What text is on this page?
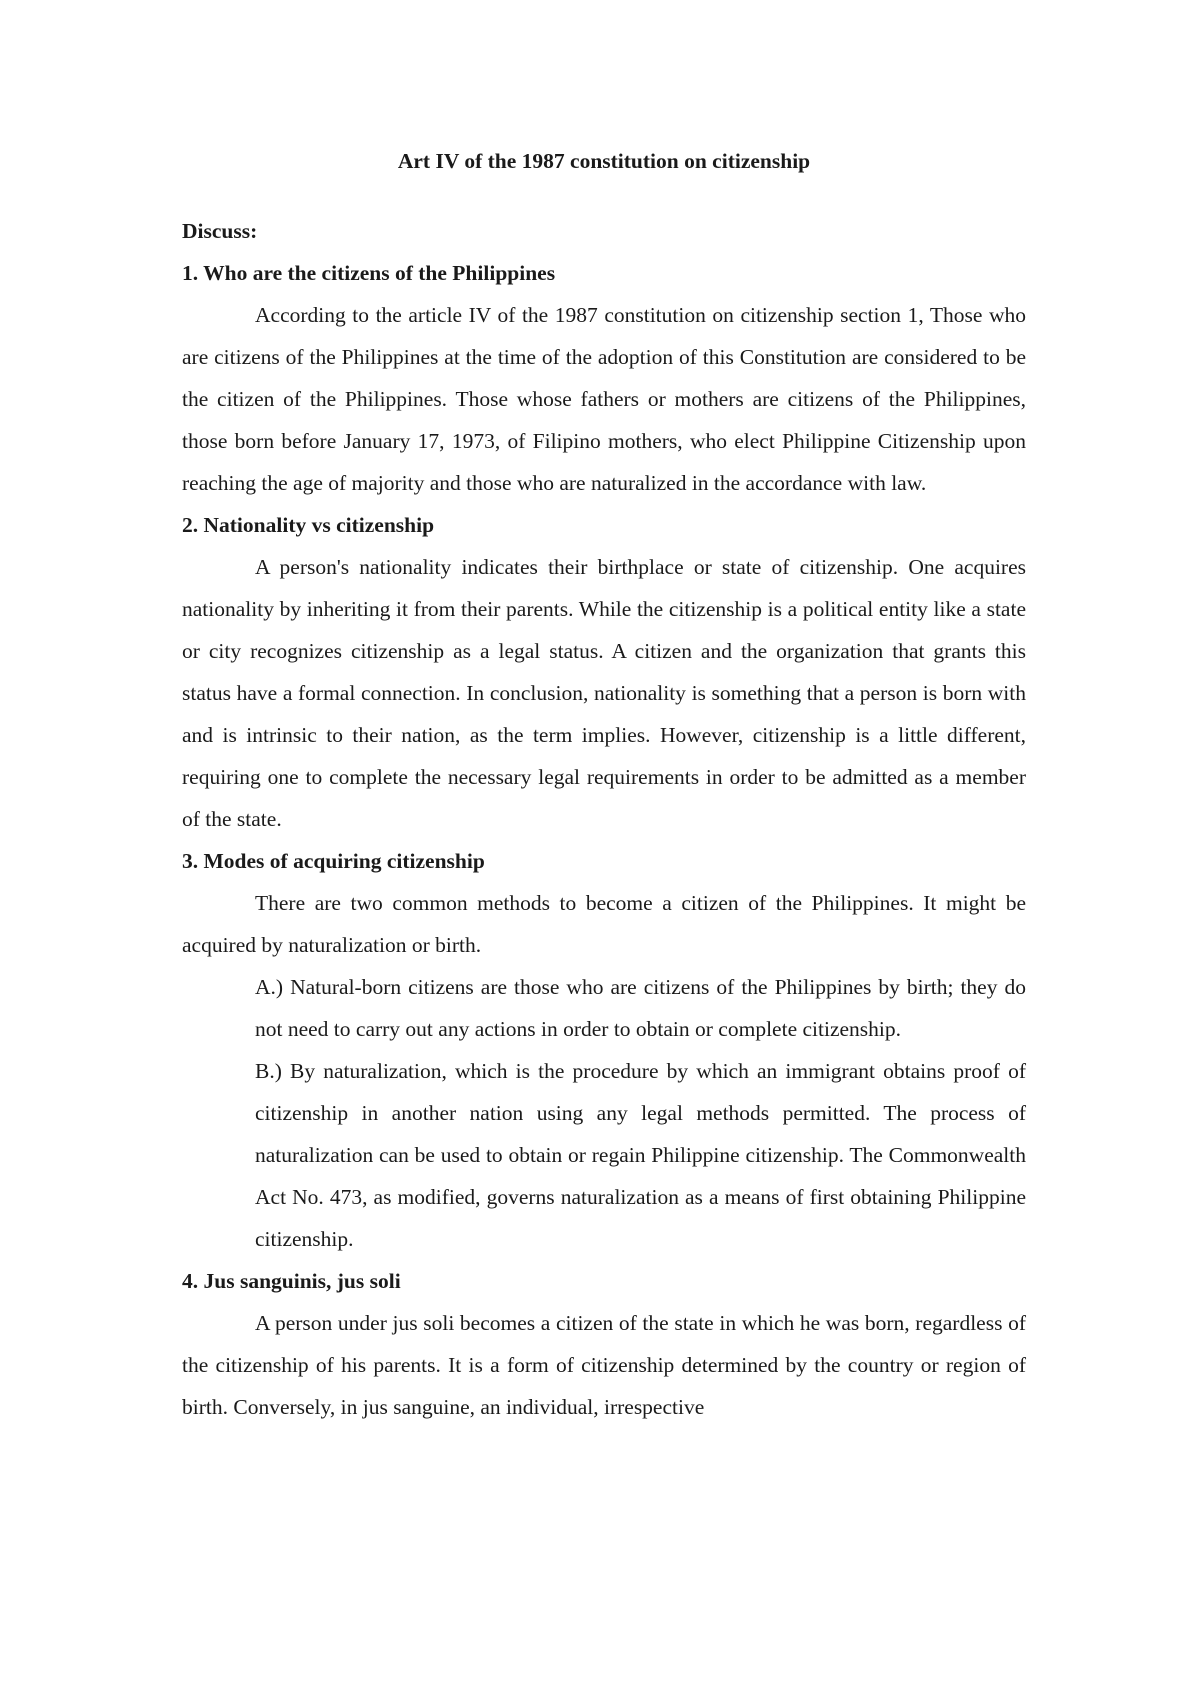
Art IV of the 1987 constitution on citizenship

Discuss:

1. Who are the citizens of the Philippines

According to the article IV of the 1987 constitution on citizenship section 1, Those who are citizens of the Philippines at the time of the adoption of this Constitution are considered to be the citizen of the Philippines. Those whose fathers or mothers are citizens of the Philippines, those born before January 17, 1973, of Filipino mothers, who elect Philippine Citizenship upon reaching the age of majority and those who are naturalized in the accordance with law.

2. Nationality vs citizenship

A person's nationality indicates their birthplace or state of citizenship. One acquires nationality by inheriting it from their parents. While the citizenship is a political entity like a state or city recognizes citizenship as a legal status. A citizen and the organization that grants this status have a formal connection. In conclusion, nationality is something that a person is born with and is intrinsic to their nation, as the term implies. However, citizenship is a little different, requiring one to complete the necessary legal requirements in order to be admitted as a member of the state.

3. Modes of acquiring citizenship

There are two common methods to become a citizen of the Philippines. It might be acquired by naturalization or birth.

A.) Natural-born citizens are those who are citizens of the Philippines by birth; they do not need to carry out any actions in order to obtain or complete citizenship.

B.) By naturalization, which is the procedure by which an immigrant obtains proof of citizenship in another nation using any legal methods permitted. The process of naturalization can be used to obtain or regain Philippine citizenship. The Commonwealth Act No. 473, as modified, governs naturalization as a means of first obtaining Philippine citizenship.

4. Jus sanguinis, jus soli

A person under jus soli becomes a citizen of the state in which he was born, regardless of the citizenship of his parents. It is a form of citizenship determined by the country or region of birth. Conversely, in jus sanguine, an individual, irrespective
